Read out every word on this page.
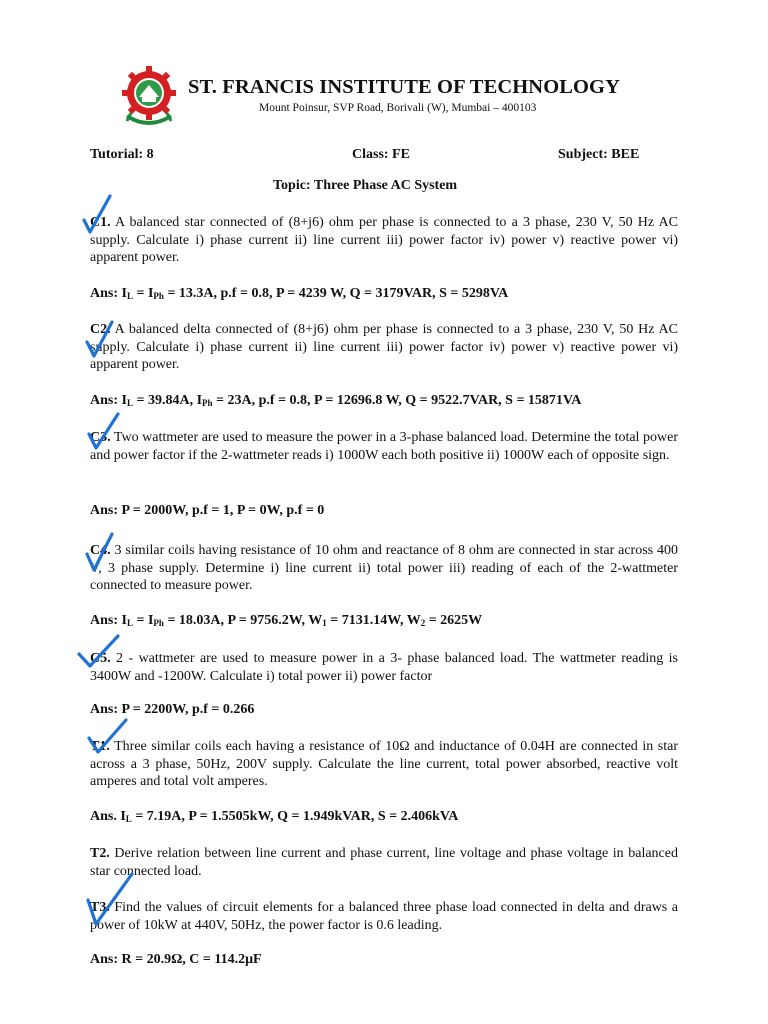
ST. FRANCIS INSTITUTE OF TECHNOLOGY
Mount Poinsur, SVP Road, Borivali (W), Mumbai – 400103
Tutorial: 8	Class: FE	Subject: BEE
Topic: Three Phase AC System
C1. A balanced star connected of (8+j6) ohm per phase is connected to a 3 phase, 230 V, 50 Hz AC supply. Calculate i) phase current ii) line current iii) power factor iv) power v) reactive power vi) apparent power.
Ans: $I_L = I_{Ph} = 13.3A$, p.f = 0.8, P = 4239 W, Q = 3179VAR, S = 5298VA
C2. A balanced delta connected of (8+j6) ohm per phase is connected to a 3 phase, 230 V, 50 Hz AC supply. Calculate i) phase current ii) line current iii) power factor iv) power v) reactive power vi) apparent power.
Ans: $I_L = 39.84A$, $I_{Ph} = 23A$, p.f = 0.8, P = 12696.8 W, Q = 9522.7VAR, S = 15871VA
C3. Two wattmeter are used to measure the power in a 3-phase balanced load. Determine the total power and power factor if the 2-wattmeter reads i) 1000W each both positive ii) 1000W each of opposite sign.
Ans: P = 2000W, p.f = 1, P = 0W, p.f = 0
C4. 3 similar coils having resistance of 10 ohm and reactance of 8 ohm are connected in star across 400 V, 3 phase supply. Determine i) line current ii) total power iii) reading of each of the 2-wattmeter connected to measure power.
Ans: $I_L = I_{Ph} = 18.03A$, P = 9756.2W, $W_1 = 7131.14W$, $W_2 = 2625W$
C5. 2 - wattmeter are used to measure power in a 3- phase balanced load. The wattmeter reading is 3400W and -1200W. Calculate i) total power ii) power factor
Ans: P = 2200W, p.f = 0.266
T1. Three similar coils each having a resistance of 10Ω and inductance of 0.04H are connected in star across a 3 phase, 50Hz, 200V supply. Calculate the line current, total power absorbed, reactive volt amperes and total volt amperes.
Ans. $I_L = 7.19A$, P = 1.5505kW, Q = 1.949kVAR, S = 2.406kVA
T2. Derive relation between line current and phase current, line voltage and phase voltage in balanced star connected load.
T3. Find the values of circuit elements for a balanced three phase load connected in delta and draws a power of 10kW at 440V, 50Hz, the power factor is 0.6 leading.
Ans: R = 20.9Ω, C = 114.2μF
